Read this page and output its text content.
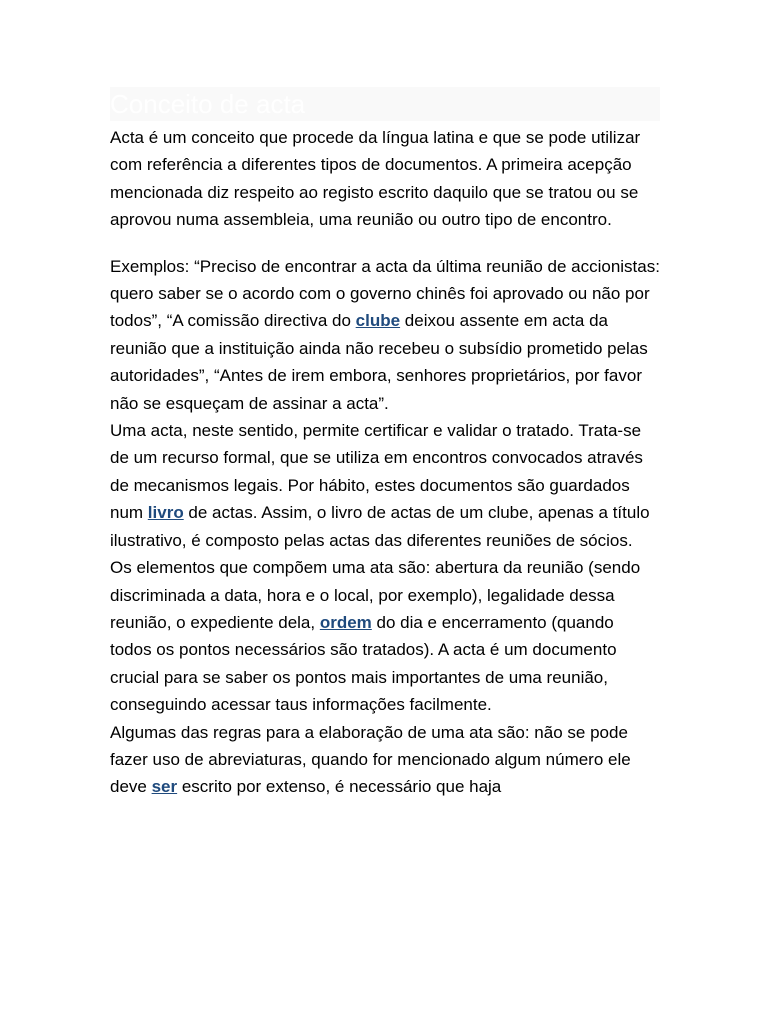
Conceito de acta

Acta é um conceito que procede da língua latina e que se pode utilizar com referência a diferentes tipos de documentos. A primeira acepção mencionada diz respeito ao registo escrito daquilo que se tratou ou se aprovou numa assembleia, uma reunião ou outro tipo de encontro.

Exemplos: “Preciso de encontrar a acta da última reunião de accionistas: quero saber se o acordo com o governo chinês foi aprovado ou não por todos”, “A comissão directiva do clube deixou assente em acta da reunião que a instituição ainda não recebeu o subsídio prometido pelas autoridades”, “Antes de irem embora, senhores proprietários, por favor não se esqueçam de assinar a acta”.
Uma acta, neste sentido, permite certificar e validar o tratado. Trata-se de um recurso formal, que se utiliza em encontros convocados através de mecanismos legais. Por hábito, estes documentos são guardados num livro de actas. Assim, o livro de actas de um clube, apenas a título ilustrativo, é composto pelas actas das diferentes reuniões de sócios.
Os elementos que compõem uma ata são: abertura da reunião (sendo discriminada a data, hora e o local, por exemplo), legalidade dessa reunião, o expediente dela, ordem do dia e encerramento (quando todos os pontos necessários são tratados). A acta é um documento crucial para se saber os pontos mais importantes de uma reunião, conseguindo acessar taus informações facilmente.
Algumas das regras para a elaboração de uma ata são: não se pode fazer uso de abreviaturas, quando for mencionado algum número ele deve ser escrito por extenso, é necessário que haja
